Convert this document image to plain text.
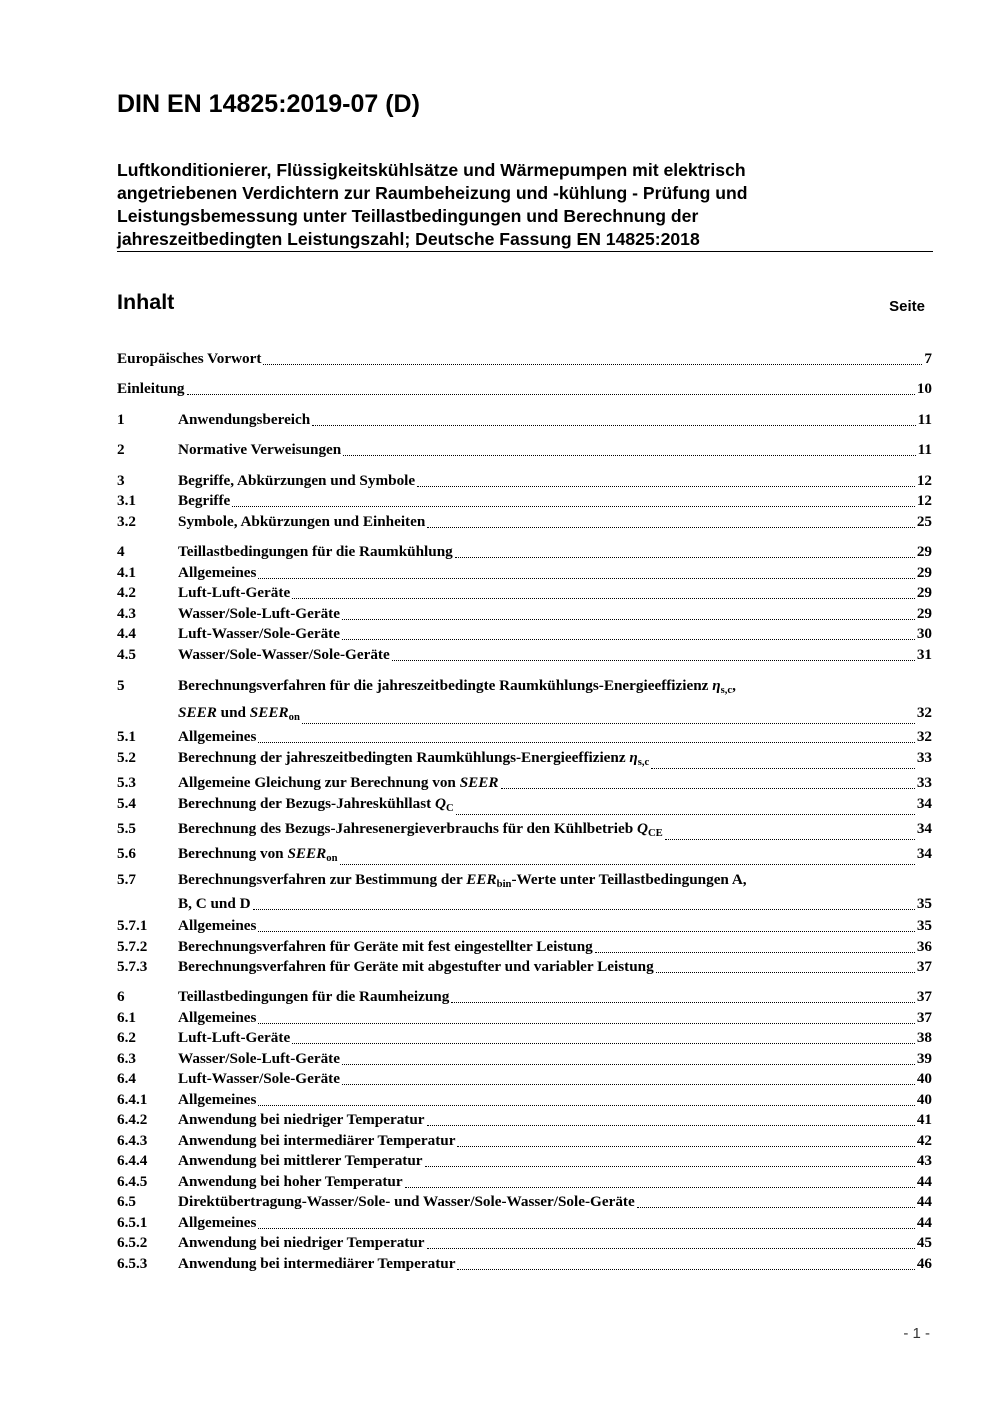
DIN EN 14825:2019-07 (D)
Luftkonditionierer, Flüssigkeitskühlsätze und Wärmepumpen mit elektrisch
angetriebenen Verdichtern zur Raumbeheizung und -kühlung - Prüfung und
Leistungsbemessung unter Teillastbedingungen und Berechnung der
jahreszeitbedingten Leistungszahl; Deutsche Fassung EN 14825:2018
Inhalt	Seite
Europäisches Vorwort	7
Einleitung	10
1	Anwendungsbereich	11
2	Normative Verweisungen	11
3	Begriffe, Abkürzungen und Symbole	12
3.1	Begriffe	12
3.2	Symbole, Abkürzungen und Einheiten	25
4	Teillastbedingungen für die Raumkühlung	29
4.1	Allgemeines	29
4.2	Luft-Luft-Geräte	29
4.3	Wasser/Sole-Luft-Geräte	29
4.4	Luft-Wasser/Sole-Geräte	30
4.5	Wasser/Sole-Wasser/Sole-Geräte	31
5	Berechnungsverfahren für die jahreszeitbedingte Raumkühlungs-Energieeffizienz $\eta_{s,c}$,
SEER und $SEER_{on}$	32
5.1	Allgemeines	32
5.2	Berechnung der jahreszeitbedingten Raumkühlungs-Energieeffizienz $\eta_{s,c}$	33
5.3	Allgemeine Gleichung zur Berechnung von SEER	33
5.4	Berechnung der Bezugs-Jahreskühllast $Q_C$	34
5.5	Berechnung des Bezugs-Jahresenergieverbrauchs für den Kühlbetrieb $Q_{CE}$	34
5.6	Berechnung von $SEER_{on}$	34
5.7	Berechnungsverfahren zur Bestimmung der $EER_{bin}$-Werte unter Teillastbedingungen A,
B, C und D	35
5.7.1 Allgemeines	35
5.7.2 Berechnungsverfahren für Geräte mit fest eingestellter Leistung	36
5.7.3 Berechnungsverfahren für Geräte mit abgestufter und variabler Leistung	37
6	Teillastbedingungen für die Raumheizung	37
6.1	Allgemeines	37
6.2	Luft-Luft-Geräte	38
6.3	Wasser/Sole-Luft-Geräte	39
6.4	Luft-Wasser/Sole-Geräte	40
6.4.1 Allgemeines	40
6.4.2 Anwendung bei niedriger Temperatur	41
6.4.3 Anwendung bei intermediärer Temperatur	42
6.4.4 Anwendung bei mittlerer Temperatur	43
6.4.5 Anwendung bei hoher Temperatur	44
6.5	Direktübertragung-Wasser/Sole- und Wasser/Sole-Wasser/Sole-Geräte	44
6.5.1 Allgemeines	44
6.5.2 Anwendung bei niedriger Temperatur	45
6.5.3 Anwendung bei intermediärer Temperatur	46
- 1 -
